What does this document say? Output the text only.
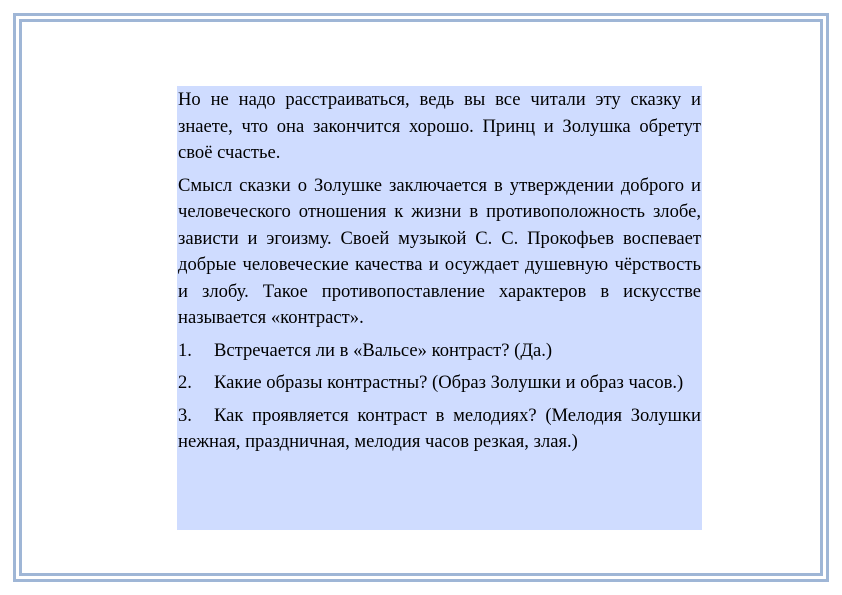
Но не надо расстраиваться, ведь вы все читали эту сказку и знаете, что она закончится хорошо. Принц и Золушка обретут своё счастье.

Смысл сказки о Золушке заключается в утверждении доброго и человеческого отношения к жизни в противоположность злобе, зависти и эгоизму. Своей музыкой С. С. Прокофьев воспевает добрые человеческие качества и осуждает душевную чёрствость и злобу. Такое противопоставление характеров в искусстве называется «контраст».

1. Встречается ли в «Вальсе» контраст? (Да.)

2. Какие образы контрастны? (Образ Золушки и образ часов.)

3. Как проявляется контраст в мелодиях? (Мелодия Золушки нежная, праздничная, мелодия часов резкая, злая.)
